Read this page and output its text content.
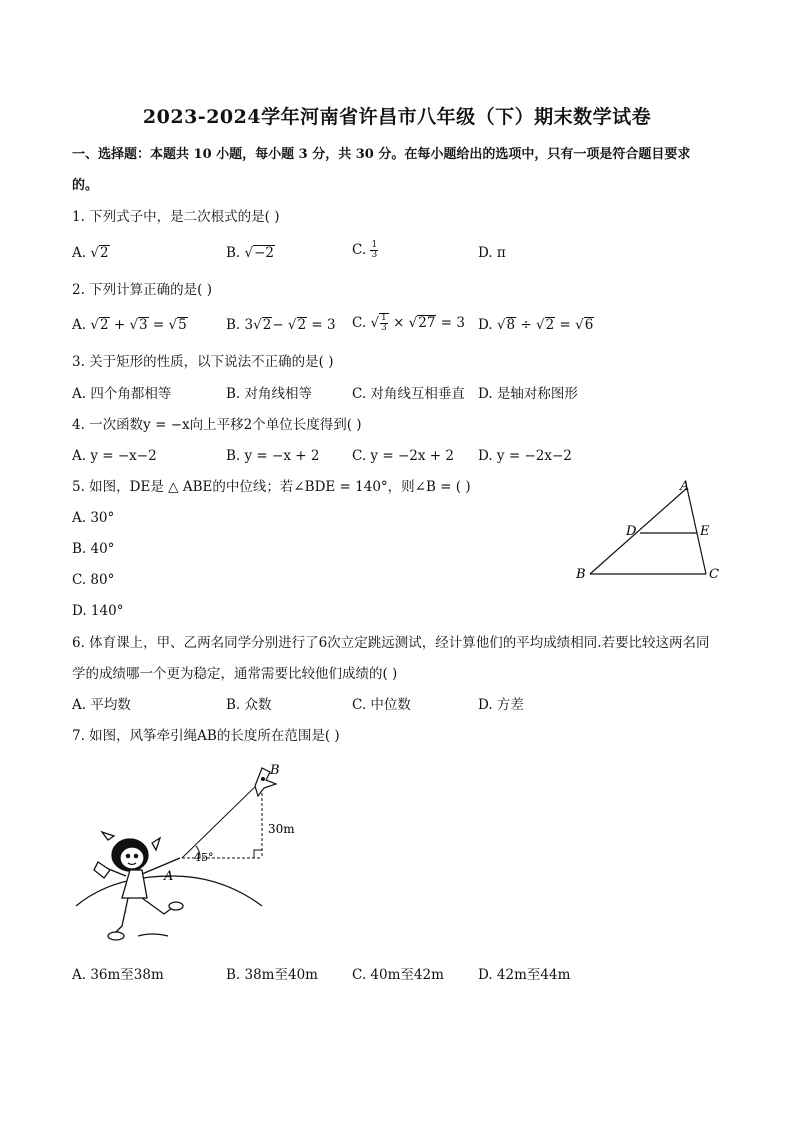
2023-2024学年河南省许昌市八年级（下）期末数学试卷
一、选择题：本题共 10 小题，每小题 3 分，共 30 分。在每小题给出的选项中，只有一项是符合题目要求
的。
1. 下列式子中，是二次根式的是( )
A. √2	B. √−2	C. $\frac{1}{3}$	D. π
2. 下列计算正确的是( )
A. √2 + √3 = √5	B. 3√2− √2 = 3 C. √ $\frac{1}{3} \times √27 = 3$ D. √8 ÷ √2 = √6
3. 关于矩形的性质，以下说法不正确的是( )
A. 四个角都相等	B. 对角线相等	C. 对角线互相垂直 D. 是轴对称图形
4. 一次函数y = −x向上平移2个单位长度得到( )
A. y = −x−2	B. y = −x + 2 C. y = −2x + 2 D. y = −2x−2
5. 如图，DE是 △ ABE的中位线；若∠BDE = 140°，则∠B = ( )
A. 30°
B. 40°
C. 80°
D. 140°
A
D	E
B	C
6. 体育课上，甲、乙两名同学分别进行了6次立定跳远测试，经计算他们的平均成绩相同.若要比较这两名同
学的成绩哪一个更为稳定，通常需要比较他们成绩的( )
A. 平均数	B. 众数	C. 中位数	D. 方差
7. 如图，风筝牵引绳AB的长度所在范围是( )
45°
30m
B
A
A. 36m至38m	B. 38m至40m	C. 40m至42m	D. 42m至44m
